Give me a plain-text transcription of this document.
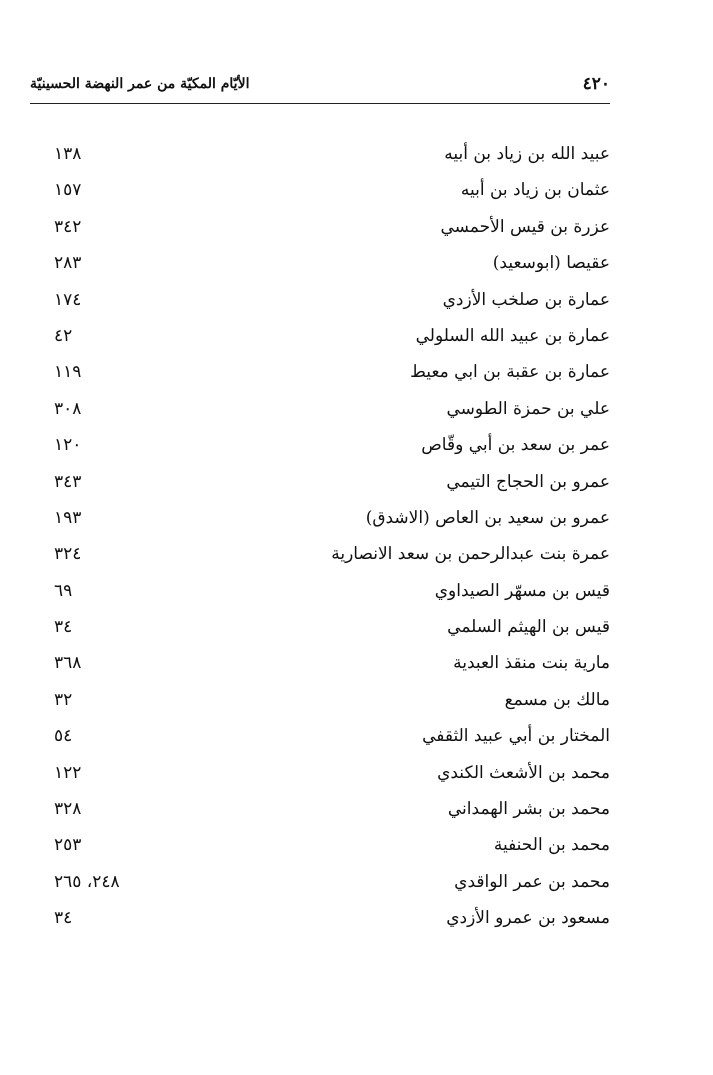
٤٢٠
الأيّام المكيّة من عمر النهضة الحسينيّة
عبيد الله بن زياد بن أبيه
١٣٨
عثمان بن زياد بن أبيه
١٥٧
عزرة بن قيس الأحمسي
٣٤٢
عقيصا (ابوسعيد)
٢٨٣
عمارة بن صلخب الأزدي
١٧٤
عمارة بن عبيد الله السلولي
٤٢
عمارة بن عقبة بن ابي معيط
١١٩
علي بن حمزة الطوسي
٣٠٨
عمر بن سعد بن أبي وقّاص
١٢٠
عمرو بن الحجاج التيمي
٣٤٣
عمرو بن سعيد بن العاص (الاشدق)
١٩٣
عمرة بنت عبدالرحمن بن سعد الانصارية
٣٢٤
قيس بن مسهّر الصيداوي
٦٩
قيس بن الهيثم السلمي
٣٤
مارية بنت منقذ العبدية
٣٦٨
مالك بن مسمع
٣٢
المختار بن أبي عبيد الثقفي
٥٤
محمد بن الأشعث الكندي
١٢٢
محمد بن بشر الهمداني
٣٢٨
محمد بن الحنفية
٢٥٣
محمد بن عمر الواقدي
٢٤٨، ٢٦٥
مسعود بن عمرو الأزدي
٣٤
